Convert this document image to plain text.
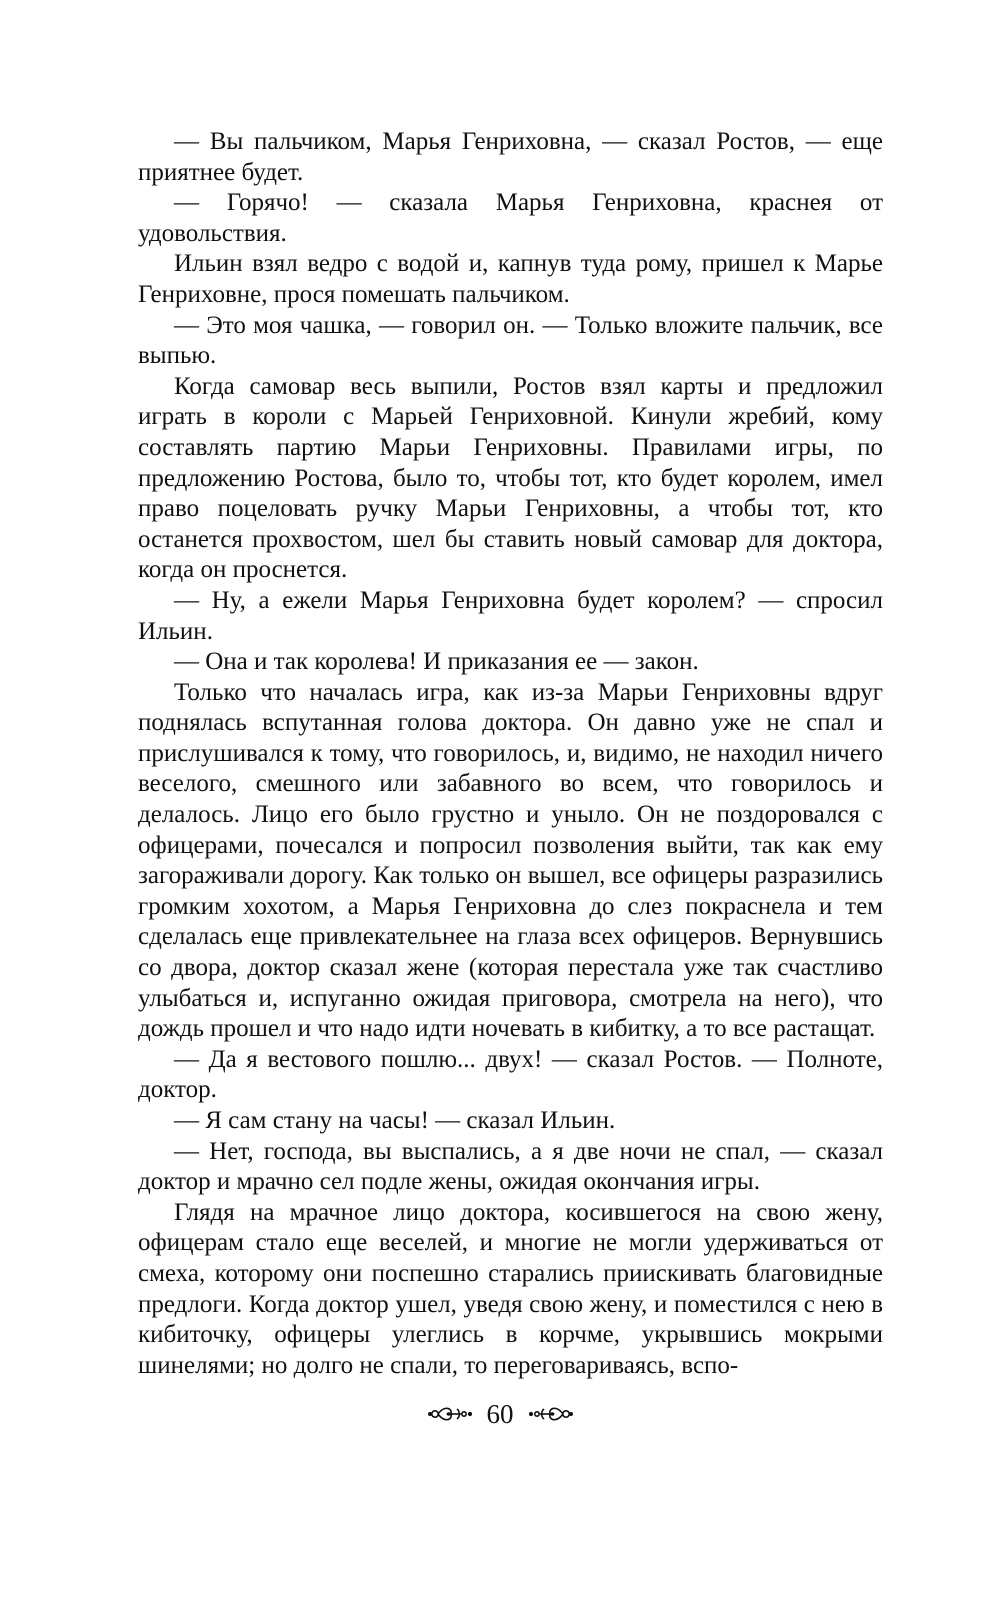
— Вы пальчиком, Марья Генриховна, — сказал Ростов, — еще приятнее будет.

— Горячо! — сказала Марья Генриховна, краснея от удовольствия.

Ильин взял ведро с водой и, капнув туда рому, пришел к Марье Генриховне, прося помешать пальчиком.

— Это моя чашка, — говорил он. — Только вложите пальчик, все выпью.

Когда самовар весь выпили, Ростов взял карты и предложил играть в короли с Марьей Генриховной. Кинули жребий, кому составлять партию Марьи Генриховны. Правилами игры, по предложению Ростова, было то, чтобы тот, кто будет королем, имел право поцеловать ручку Марьи Генриховны, а чтобы тот, кто останется прохвостом, шел бы ставить новый самовар для доктора, когда он проснется.

— Ну, а ежели Марья Генриховна будет королем? — спросил Ильин.

— Она и так королева! И приказания ее — закон.

Только что началась игра, как из-за Марьи Генриховны вдруг поднялась вспутанная голова доктора. Он давно уже не спал и прислушивался к тому, что говорилось, и, видимо, не находил ничего веселого, смешного или забавного во всем, что говорилось и делалось. Лицо его было грустно и уныло. Он не поздоровался с офицерами, почесался и попросил позволения выйти, так как ему загораживали дорогу. Как только он вышел, все офицеры разразились громким хохотом, а Марья Генриховна до слез покраснела и тем сделалась еще привлекательнее на глаза всех офицеров. Вернувшись со двора, доктор сказал жене (которая перестала уже так счастливо улыбаться и, испуганно ожидая приговора, смотрела на него), что дождь прошел и что надо идти ночевать в кибитку, а то все растащат.

— Да я вестового пошлю... двух! — сказал Ростов. — Полноте, доктор.

— Я сам стану на часы! — сказал Ильин.

— Нет, господа, вы выспались, а я две ночи не спал, — сказал доктор и мрачно сел подле жены, ожидая окончания игры.

Глядя на мрачное лицо доктора, косившегося на свою жену, офицерам стало еще веселей, и многие не могли удерживаться от смеха, которому они поспешно старались приискивать благовидные предлоги. Когда доктор ушел, уведя свою жену, и поместился с нею в кибиточку, офицеры улеглись в корчме, укрывшись мокрыми шинелями; но долго не спали, то переговариваясь, вспо-

60
